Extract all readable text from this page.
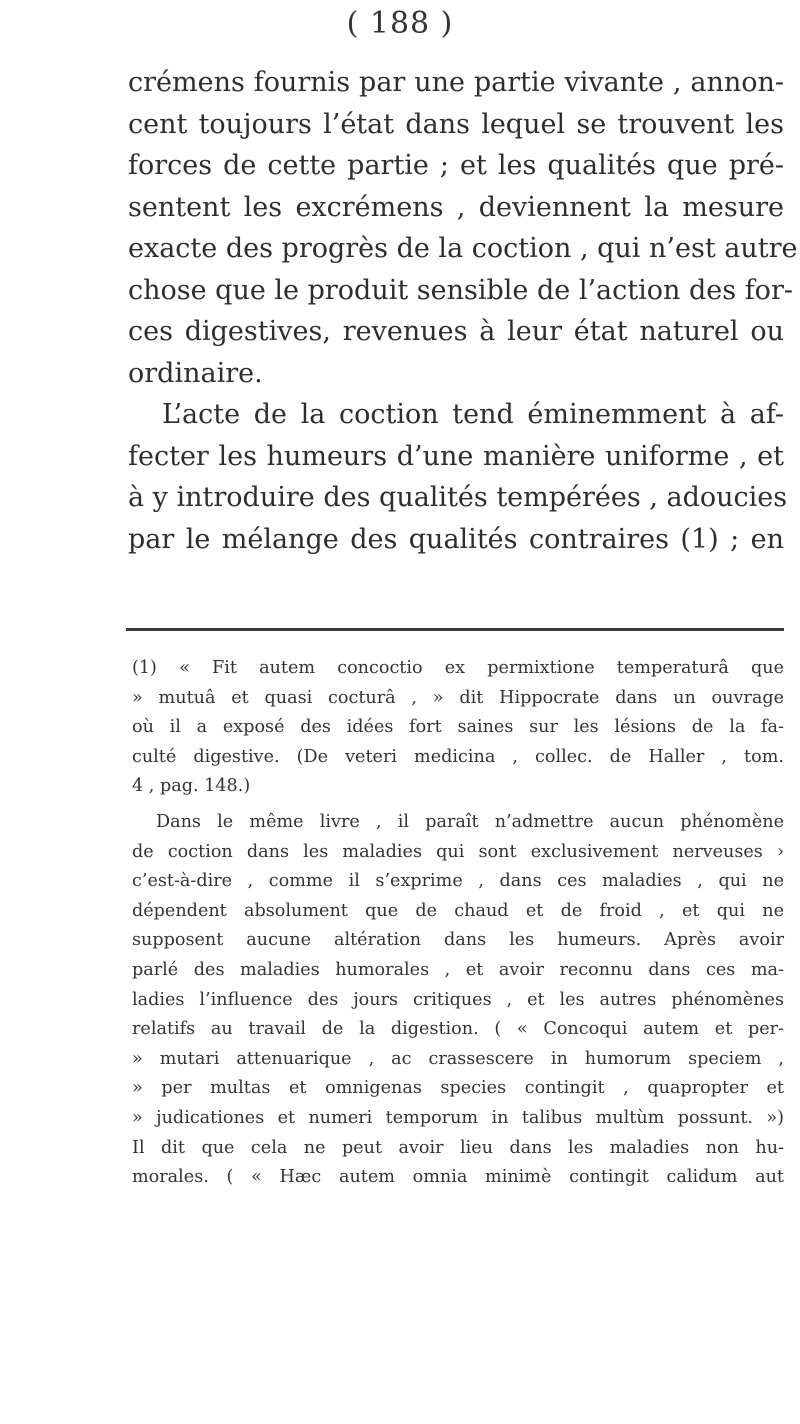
( 188 )
crémens fournis par une partie vivante , annon-
cent toujours l’état dans lequel se trouvent les
forces de cette partie ; et les qualités que pré-
sentent les excrémens , deviennent la mesure
exacte des progrès de la coction , qui n’est autre
chose que le produit sensible de l’action des for-
ces digestives, revenues à leur état naturel ou
ordinaire.
L’acte de la coction tend éminemment à af-
fecter les humeurs d’une manière uniforme , et
à y introduire des qualités tempérées , adoucies
par le mélange des qualités contraires (1) ; en
(1) « Fit autem concoctio ex permixtione temperaturâ que
» mutuâ et quasi cocturâ , » dit Hippocrate dans un ouvrage
où il a exposé des idées fort saines sur les lésions de la fa-
culté digestive. (De veteri medicina , collec. de Haller , tom.
4 , pag. 148.)
Dans le même livre , il paraît n’admettre aucun phénomène
de coction dans les maladies qui sont exclusivement nerveuses ›
c’est-à-dire , comme il s’exprime , dans ces maladies , qui ne
dépendent absolument que de chaud et de froid , et qui ne
supposent aucune altération dans les humeurs. Après avoir
parlé des maladies humorales , et avoir reconnu dans ces ma-
ladies l’influence des jours critiques , et les autres phénomènes
relatifs au travail de la digestion. ( « Concoqui autem et per-
» mutari attenuarique , ac crassescere in humorum speciem ,
» per multas et omnigenas species contingit , quapropter et
» judicationes et numeri temporum in talibus multùm possunt. »)
Il dit que cela ne peut avoir lieu dans les maladies non hu-
morales. ( « Hæc autem omnia minimè contingit calidum aut
